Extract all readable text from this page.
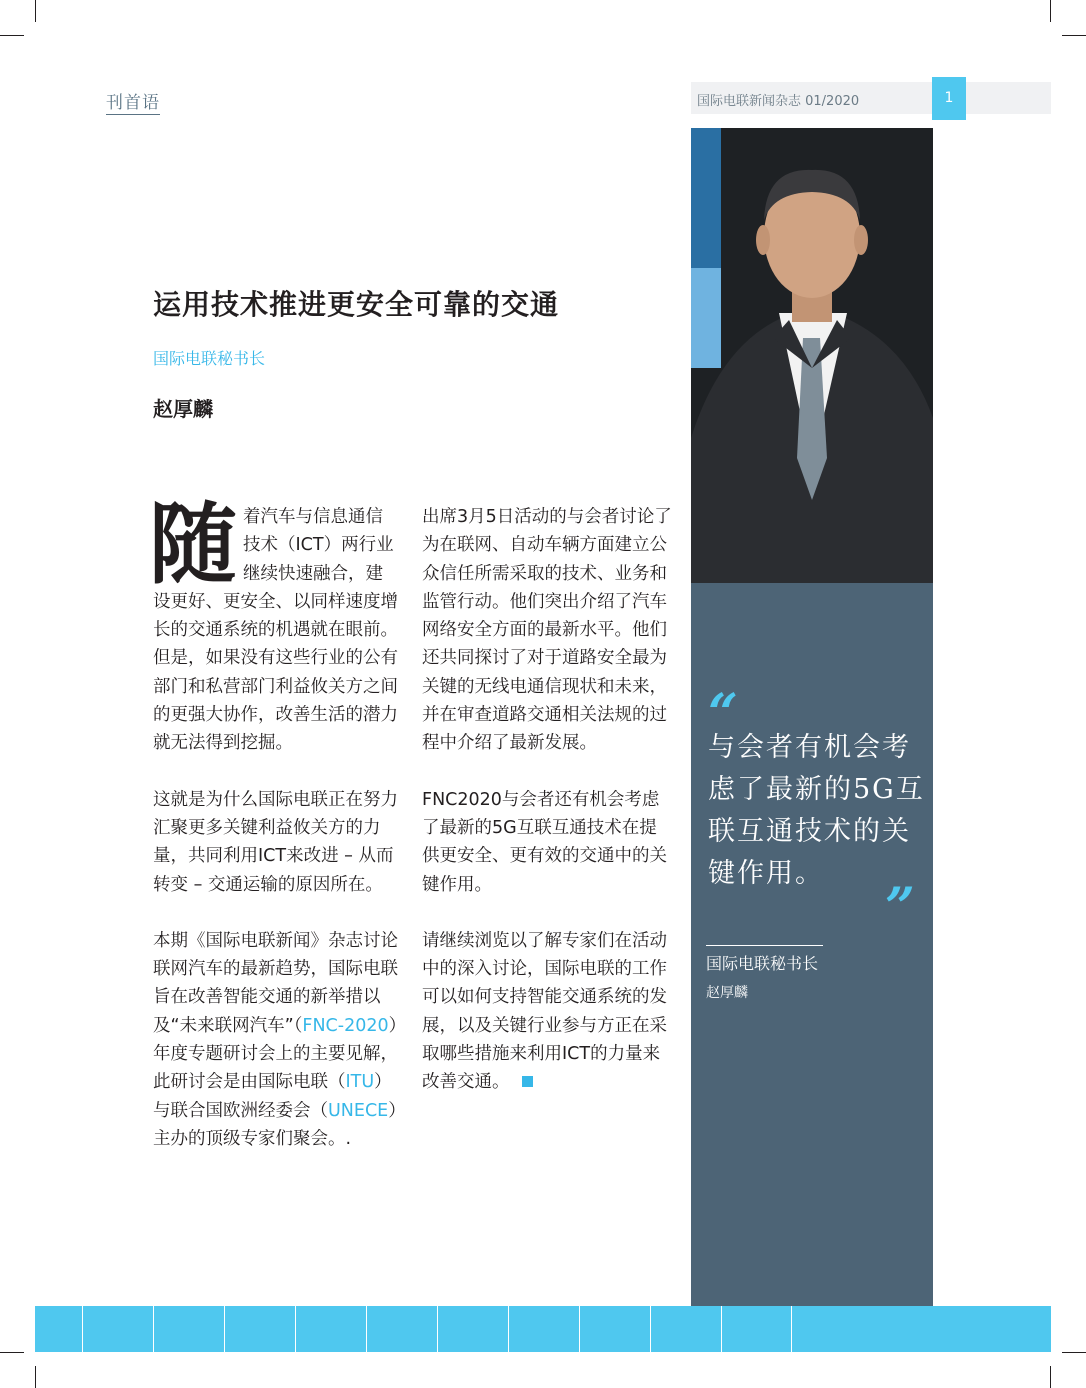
刊首语	国际电联新闻杂志 01/2020	1
运用技术推进更安全可靠的交通
国际电联秘书长
赵厚麟

随着汽车与信息通信技术（ICT）两行业继续快速融合，建设更好、更安全、以同样速度增长的交通系统的机遇就在眼前。但是，如果没有这些行业的公有部门和私营部门利益攸关方之间的更强大协作，改善生活的潜力就无法得到挖掘。

这就是为什么国际电联正在努力汇聚更多关键利益攸关方的力量，共同利用ICT来改进 – 从而转变 – 交通运输的原因所在。

本期《国际电联新闻》杂志讨论联网汽车的最新趋势，国际电联旨在改善智能交通的新举措以及“未来联网汽车”（FNC-2020）年度专题研讨会上的主要见解，此研讨会是由国际电联（ITU）与联合国欧洲经委会（UNECE）主办的顶级专家们聚会。.

出席3月5日活动的与会者讨论了为在联网、自动车辆方面建立公众信任所需采取的技术、业务和监管行动。他们突出介绍了汽车网络安全方面的最新水平。他们还共同探讨了对于道路安全最为关键的无线电通信现状和未来，并在审查道路交通相关法规的过程中介绍了最新发展。

FNC2020与会者还有机会考虑了最新的5G互联互通技术在提供更安全、更有效的交通中的关键作用。

请继续浏览以了解专家们在活动中的深入讨论，国际电联的工作可以如何支持智能交通系统的发展，以及关键行业参与方正在采取哪些措施来利用ICT的力量来改善交通。

“
与会者有机会考虑了最新的5G互联互通技术的关键作用。
”
国际电联秘书长
赵厚麟
